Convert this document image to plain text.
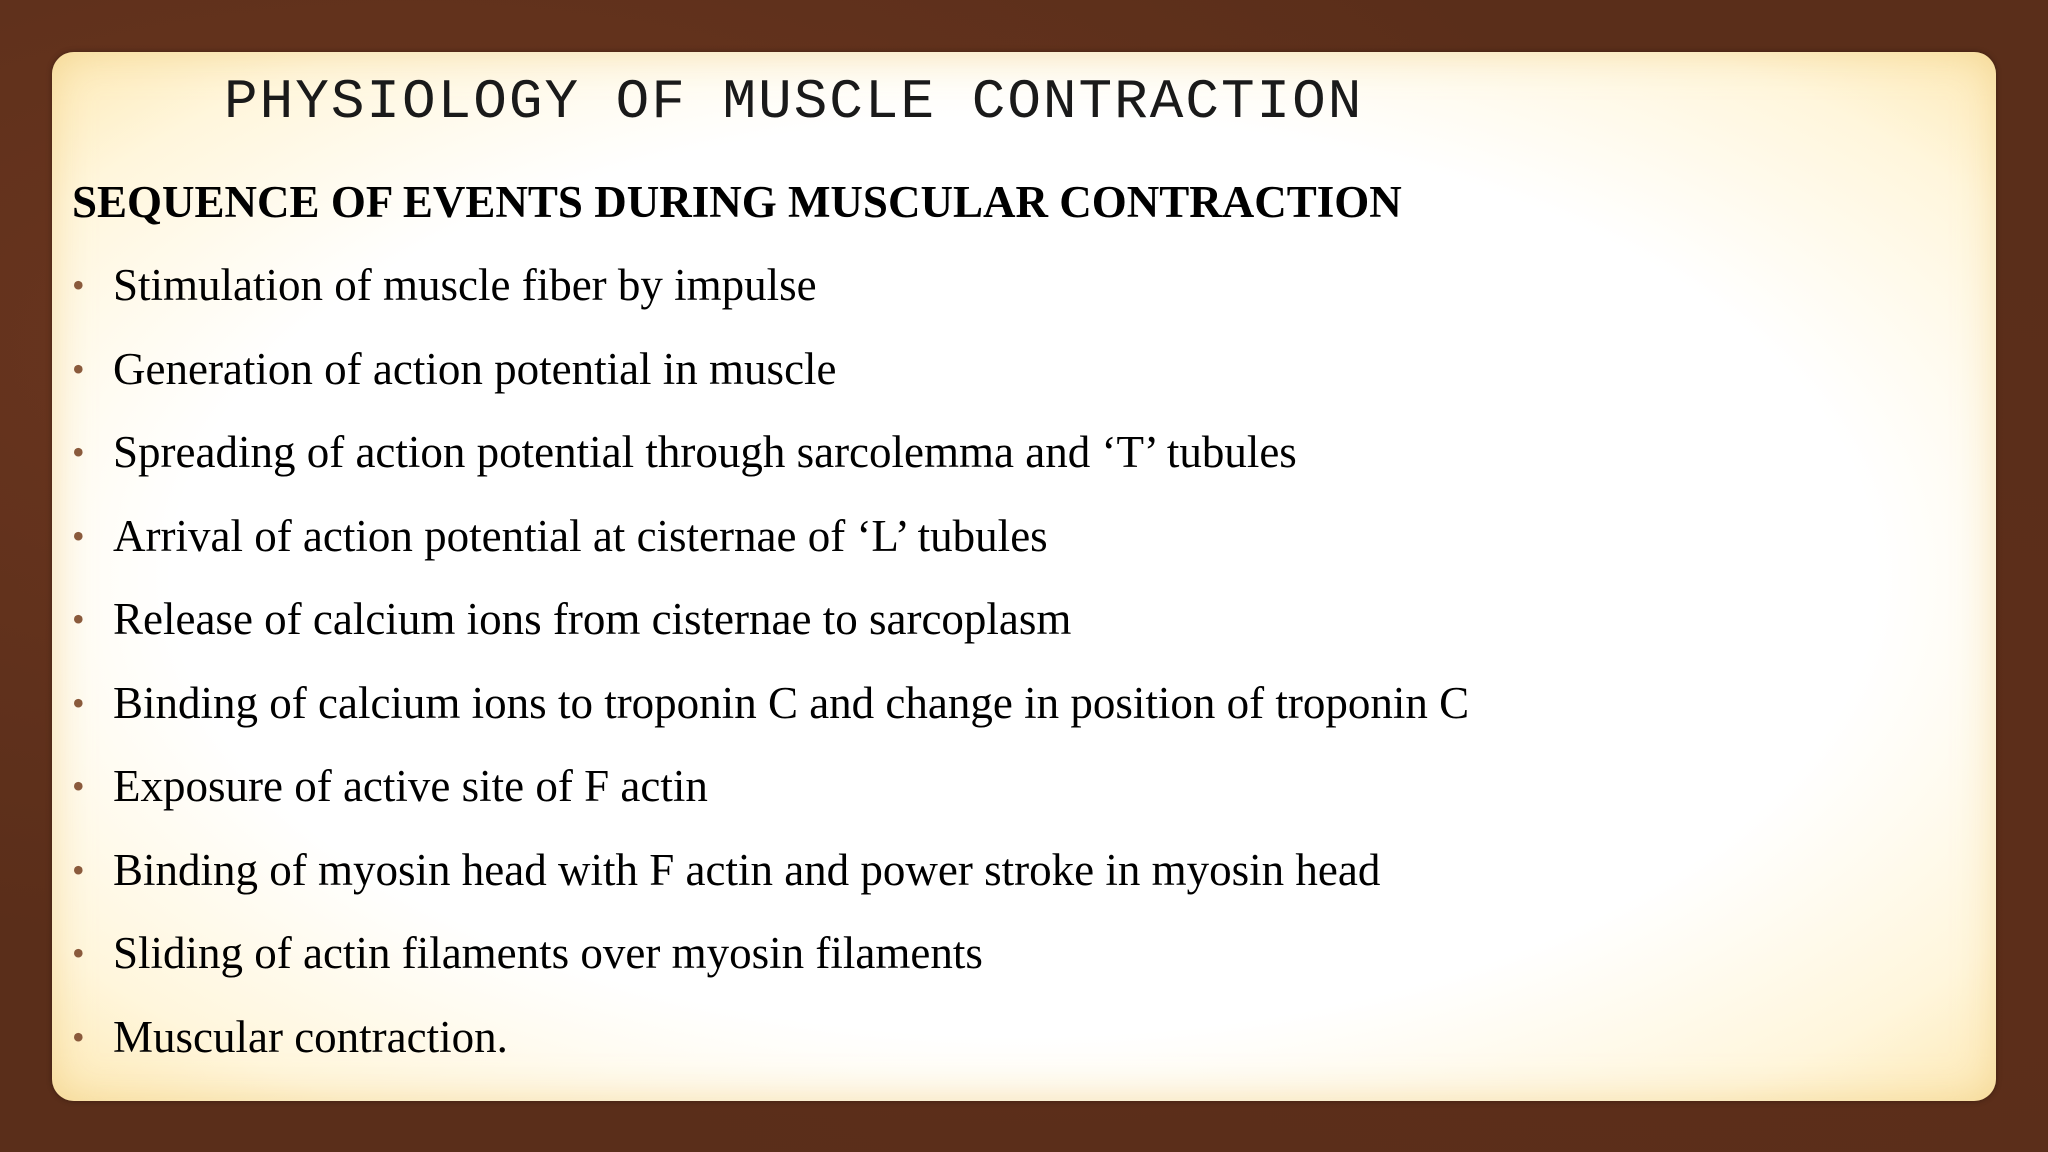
PHYSIOLOGY OF MUSCLE CONTRACTION
SEQUENCE OF EVENTS DURING MUSCULAR CONTRACTION
• Stimulation of muscle fiber by impulse
• Generation of action potential in muscle
• Spreading of action potential through sarcolemma and ‘T’ tubules
• Arrival of action potential at cisternae of ‘L’ tubules
• Release of calcium ions from cisternae to sarcoplasm
• Binding of calcium ions to troponin C and change in position of troponin C
• Exposure of active site of F actin
• Binding of myosin head with F actin and power stroke in myosin head
• Sliding of actin filaments over myosin filaments
• Muscular contraction.
